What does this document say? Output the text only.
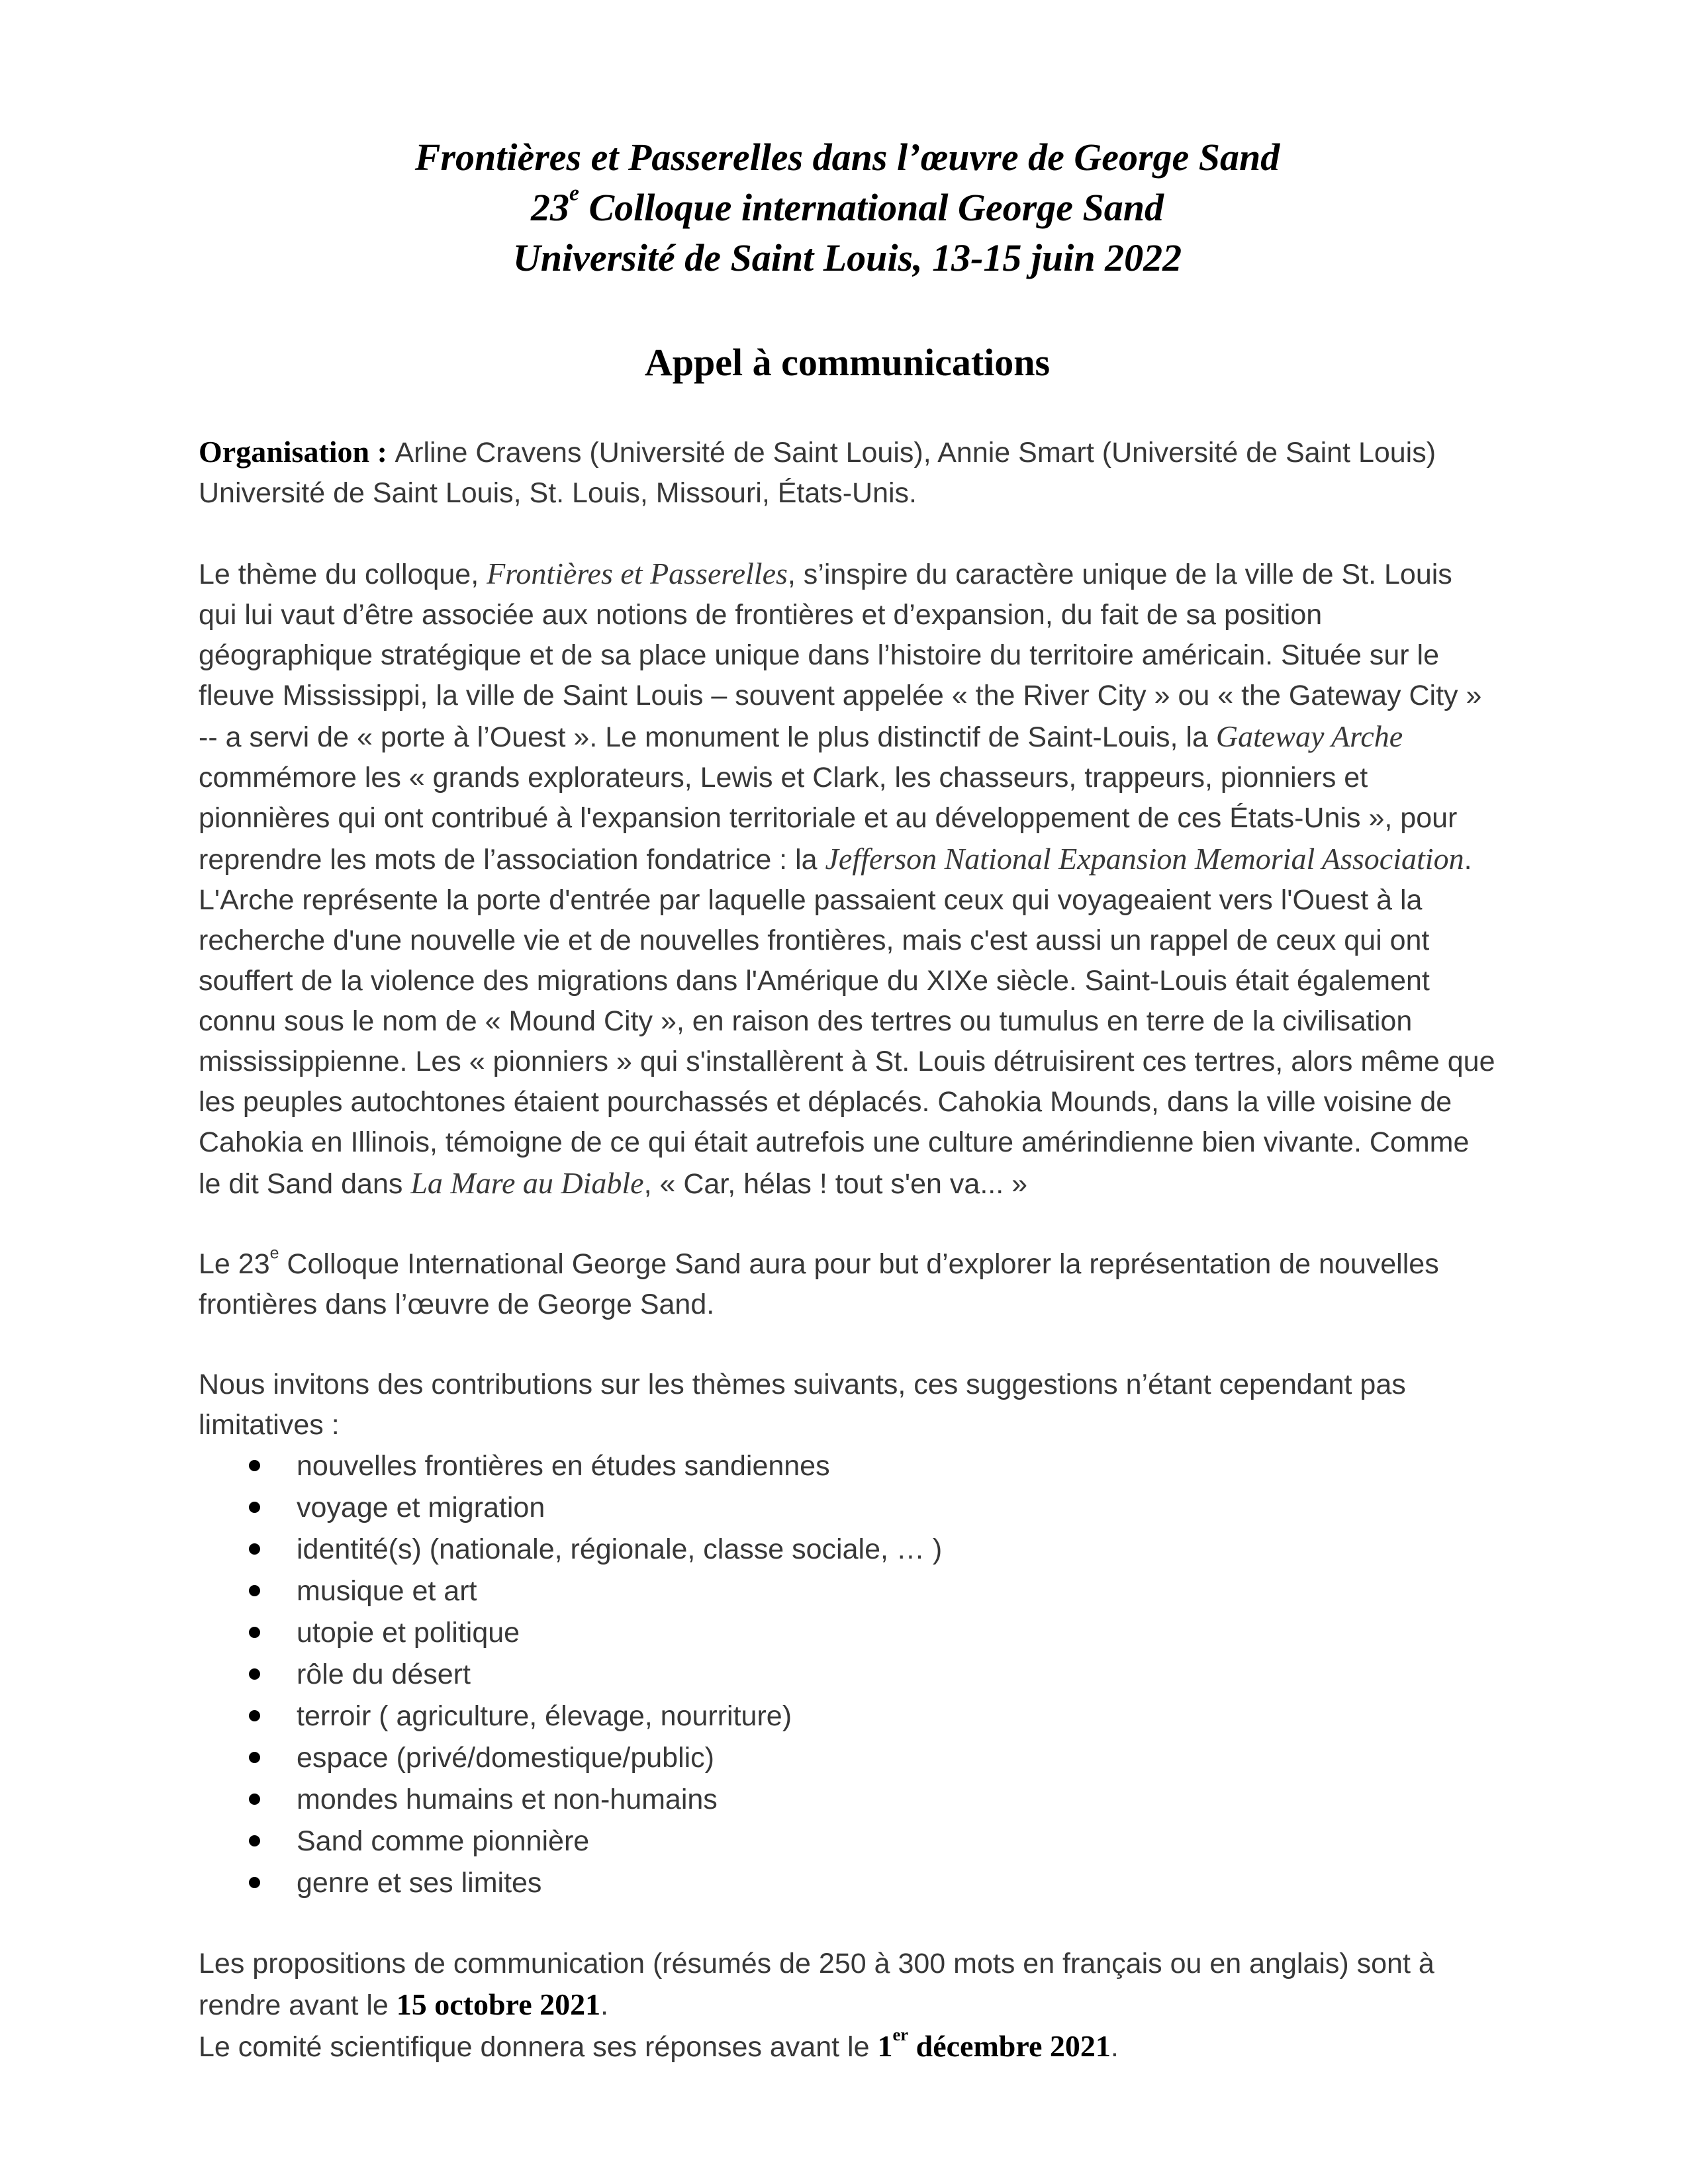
Frontières et Passerelles dans l’œuvre de George Sand
23e Colloque international George Sand
Université de Saint Louis, 13-15 juin 2022
Appel à communications

Organisation : Arline Cravens (Université de Saint Louis), Annie Smart (Université de Saint Louis) Université de Saint Louis, St. Louis, Missouri, États-Unis.

Le thème du colloque, Frontières et Passerelles, s’inspire du caractère unique de la ville de St. Louis qui lui vaut d’être associée aux notions de frontières et d’expansion, du fait de sa position géographique stratégique et de sa place unique dans l’histoire du territoire américain. Située sur le fleuve Mississippi, la ville de Saint Louis – souvent appelée « the River City » ou « the Gateway City » -- a servi de « porte à l’Ouest ». Le monument le plus distinctif de Saint-Louis, la Gateway Arche commémore les « grands explorateurs, Lewis et Clark, les chasseurs, trappeurs, pionniers et pionnières qui ont contribué à l'expansion territoriale et au développement de ces États-Unis », pour reprendre les mots de l’association fondatrice : la Jefferson National Expansion Memorial Association. L'Arche représente la porte d'entrée par laquelle passaient ceux qui voyageaient vers l'Ouest à la recherche d'une nouvelle vie et de nouvelles frontières, mais c'est aussi un rappel de ceux qui ont souffert de la violence des migrations dans l'Amérique du XIXe siècle. Saint-Louis était également connu sous le nom de « Mound City », en raison des tertres ou tumulus en terre de la civilisation mississippienne. Les « pionniers » qui s'installèrent à St. Louis détruisirent ces tertres, alors même que les peuples autochtones étaient pourchassés et déplacés. Cahokia Mounds, dans la ville voisine de Cahokia en Illinois, témoigne de ce qui était autrefois une culture amérindienne bien vivante. Comme le dit Sand dans La Mare au Diable, « Car, hélas ! tout s'en va... »

Le 23e Colloque International George Sand aura pour but d’explorer la représentation de nouvelles frontières dans l’œuvre de George Sand.

Nous invitons des contributions sur les thèmes suivants, ces suggestions n’étant cependant pas limitatives :

nouvelles frontières en études sandiennes
voyage et migration
identité(s) (nationale, régionale, classe sociale, … )
musique et art
utopie et politique
rôle du désert
terroir ( agriculture, élevage, nourriture)
espace (privé/domestique/public)
mondes humains et non-humains
Sand comme pionnière
genre et ses limites

Les propositions de communication (résumés de 250 à 300 mots en français ou en anglais) sont à rendre avant le 15 octobre 2021.
Le comité scientifique donnera ses réponses avant le 1er décembre 2021.
